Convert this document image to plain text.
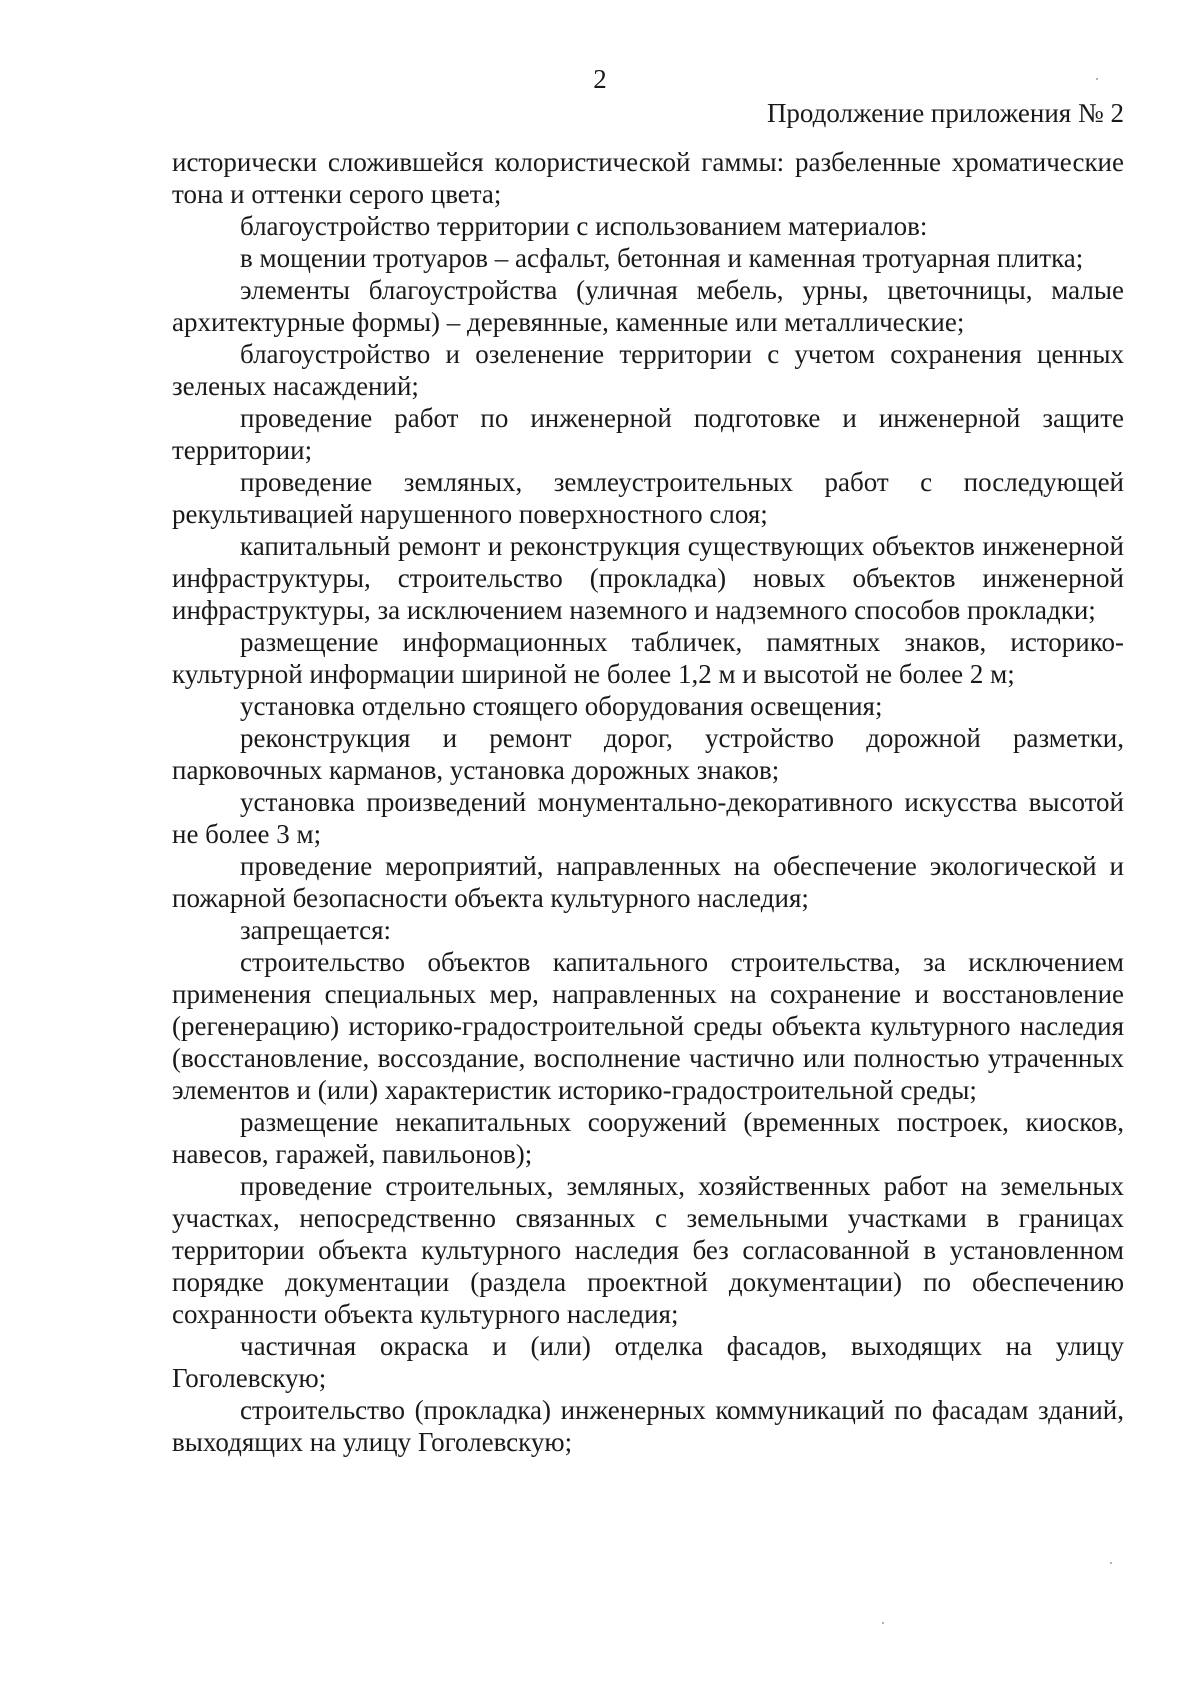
2
Продолжение приложения № 2

исторически сложившейся колористической гаммы: разбеленные хроматические тона и оттенки серого цвета;

благоустройство территории с использованием материалов:

в мощении тротуаров – асфальт, бетонная и каменная тротуарная плитка;

элементы благоустройства (уличная мебель, урны, цветочницы, малые архитектурные формы) – деревянные, каменные или металлические;

благоустройство и озеленение территории с учетом сохранения ценных зеленых насаждений;

проведение работ по инженерной подготовке и инженерной защите территории;

проведение земляных, землеустроительных работ с последующей рекультивацией нарушенного поверхностного слоя;

капитальный ремонт и реконструкция существующих объектов инженерной инфраструктуры, строительство (прокладка) новых объектов инженерной инфраструктуры, за исключением наземного и надземного способов прокладки;

размещение информационных табличек, памятных знаков, историко-культурной информации шириной не более 1,2 м и высотой не более 2 м;

установка отдельно стоящего оборудования освещения;

реконструкция и ремонт дорог, устройство дорожной разметки, парковочных карманов, установка дорожных знаков;

установка произведений монументально-декоративного искусства высотой не более 3 м;

проведение мероприятий, направленных на обеспечение экологической и пожарной безопасности объекта культурного наследия;

запрещается:

строительство объектов капитального строительства, за исключением применения специальных мер, направленных на сохранение и восстановление (регенерацию) историко-градостроительной среды объекта культурного наследия (восстановление, воссоздание, восполнение частично или полностью утраченных элементов и (или) характеристик историко-градостроительной среды;

размещение некапитальных сооружений (временных построек, киосков, навесов, гаражей, павильонов);

проведение строительных, земляных, хозяйственных работ на земельных участках, непосредственно связанных с земельными участками в границах территории объекта культурного наследия без согласованной в установленном порядке документации (раздела проектной документации) по обеспечению сохранности объекта культурного наследия;

частичная окраска и (или) отделка фасадов, выходящих на улицу Гоголевскую;

строительство (прокладка) инженерных коммуникаций по фасадам зданий, выходящих на улицу Гоголевскую;
